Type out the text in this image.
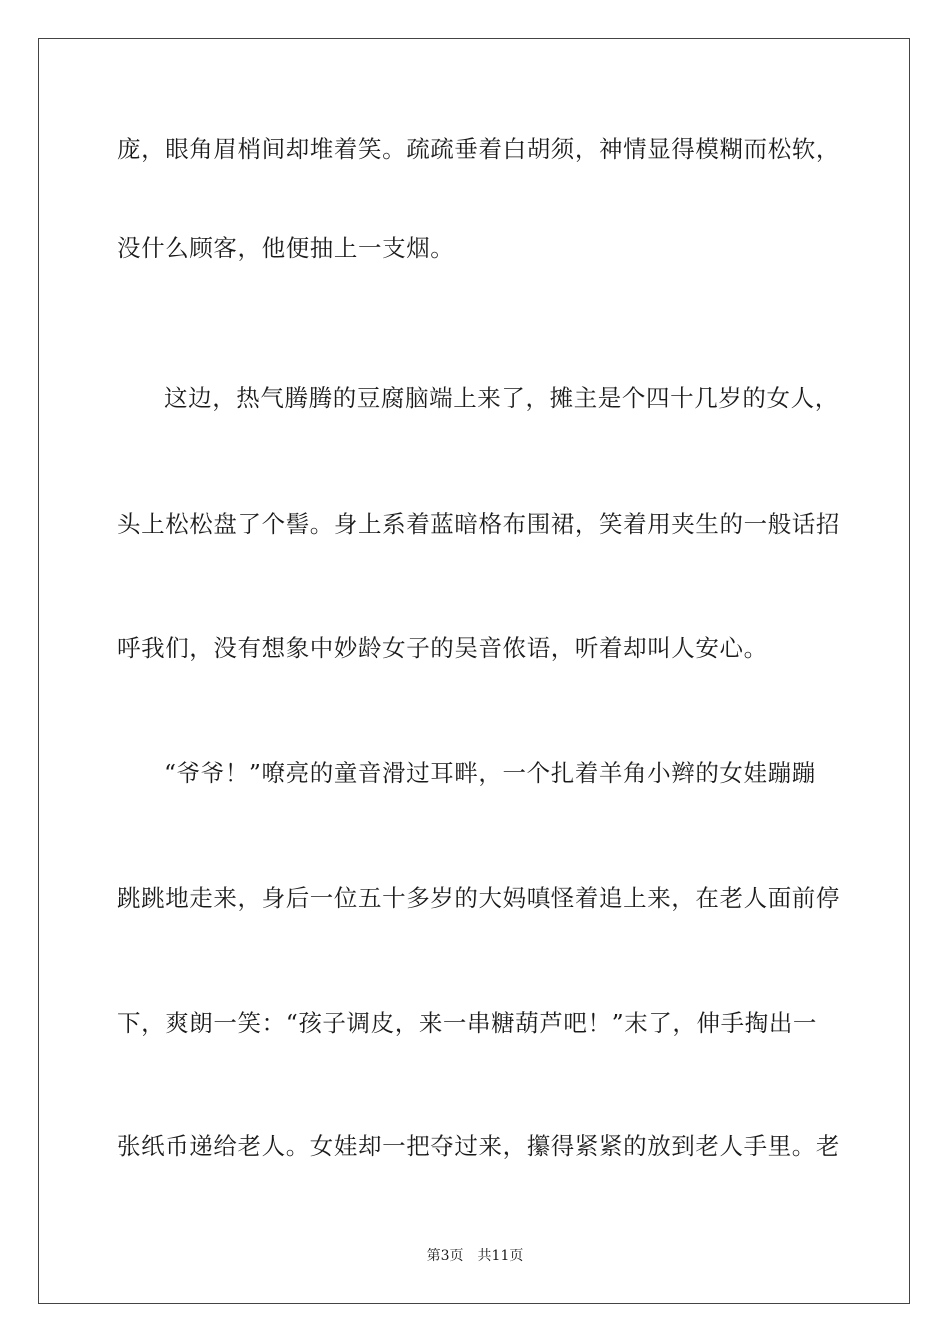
庞，眼角眉梢间却堆着笑。疏疏垂着白胡须，神情显得模糊而松软，
没什么顾客，他便抽上一支烟。
这边，热气腾腾的豆腐脑端上来了，摊主是个四十几岁的女人，
头上松松盘了个髻。身上系着蓝暗格布围裙，笑着用夹生的一般话招
呼我们，没有想象中妙龄女子的吴音侬语，听着却叫人安心。
“爷爷！”嘹亮的童音滑过耳畔，一个扎着羊角小辫的女娃蹦蹦
跳跳地走来，身后一位五十多岁的大妈嗔怪着追上来，在老人面前停
下，爽朗一笑：“孩子调皮，来一串糖葫芦吧！”末了，伸手掏出一
张纸币递给老人。女娃却一把夺过来，攥得紧紧的放到老人手里。老
第3页　共11页
